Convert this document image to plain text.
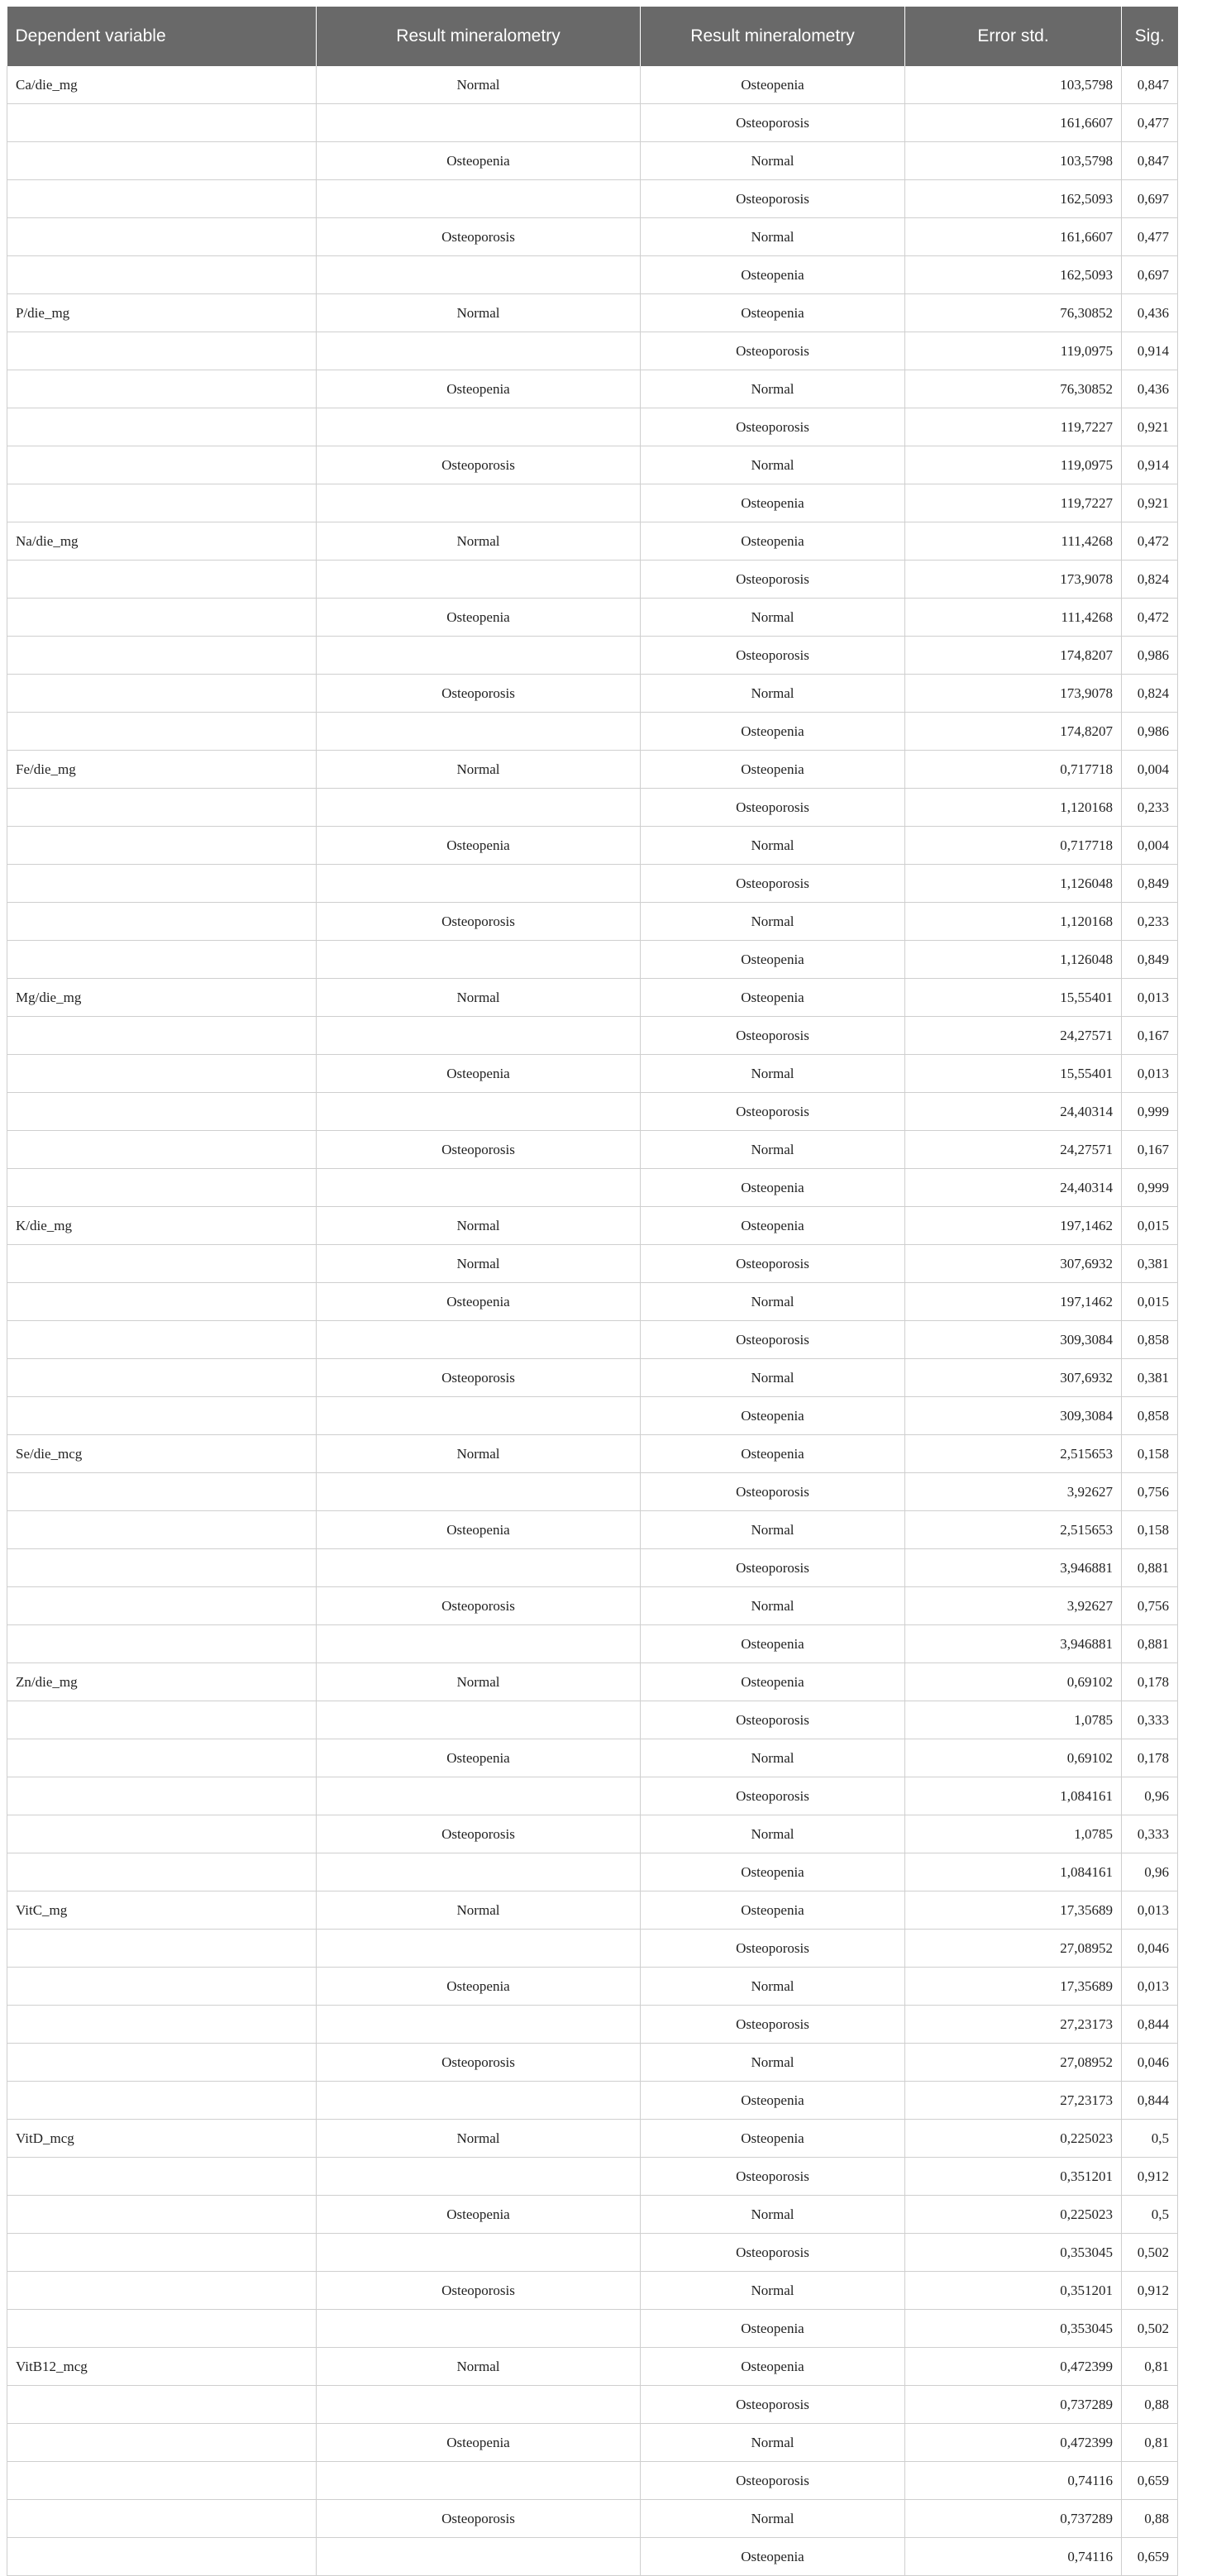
Dependent variable	Result mineralometry	Result mineralometry	Error std.	Sig.
Ca/die_mg	Normal	Osteopenia	103,5798	0,847
		Osteoporosis	161,6607	0,477
	Osteopenia	Normal	103,5798	0,847
		Osteoporosis	162,5093	0,697
	Osteoporosis	Normal	161,6607	0,477
		Osteopenia	162,5093	0,697
P/die_mg	Normal	Osteopenia	76,30852	0,436
		Osteoporosis	119,0975	0,914
	Osteopenia	Normal	76,30852	0,436
		Osteoporosis	119,7227	0,921
	Osteoporosis	Normal	119,0975	0,914
		Osteopenia	119,7227	0,921
Na/die_mg	Normal	Osteopenia	111,4268	0,472
		Osteoporosis	173,9078	0,824
	Osteopenia	Normal	111,4268	0,472
		Osteoporosis	174,8207	0,986
	Osteoporosis	Normal	173,9078	0,824
		Osteopenia	174,8207	0,986
Fe/die_mg	Normal	Osteopenia	0,717718	0,004
		Osteoporosis	1,120168	0,233
	Osteopenia	Normal	0,717718	0,004
		Osteoporosis	1,126048	0,849
	Osteoporosis	Normal	1,120168	0,233
		Osteopenia	1,126048	0,849
Mg/die_mg	Normal	Osteopenia	15,55401	0,013
		Osteoporosis	24,27571	0,167
	Osteopenia	Normal	15,55401	0,013
		Osteoporosis	24,40314	0,999
	Osteoporosis	Normal	24,27571	0,167
		Osteopenia	24,40314	0,999
K/die_mg	Normal	Osteopenia	197,1462	0,015
	Normal	Osteoporosis	307,6932	0,381
	Osteopenia	Normal	197,1462	0,015
		Osteoporosis	309,3084	0,858
	Osteoporosis	Normal	307,6932	0,381
		Osteopenia	309,3084	0,858
Se/die_mcg	Normal	Osteopenia	2,515653	0,158
		Osteoporosis	3,92627	0,756
	Osteopenia	Normal	2,515653	0,158
		Osteoporosis	3,946881	0,881
	Osteoporosis	Normal	3,92627	0,756
		Osteopenia	3,946881	0,881
Zn/die_mg	Normal	Osteopenia	0,69102	0,178
		Osteoporosis	1,0785	0,333
	Osteopenia	Normal	0,69102	0,178
		Osteoporosis	1,084161	0,96
	Osteoporosis	Normal	1,0785	0,333
		Osteopenia	1,084161	0,96
VitC_mg	Normal	Osteopenia	17,35689	0,013
		Osteoporosis	27,08952	0,046
	Osteopenia	Normal	17,35689	0,013
		Osteoporosis	27,23173	0,844
	Osteoporosis	Normal	27,08952	0,046
		Osteopenia	27,23173	0,844
VitD_mcg	Normal	Osteopenia	0,225023	0,5
		Osteoporosis	0,351201	0,912
	Osteopenia	Normal	0,225023	0,5
		Osteoporosis	0,353045	0,502
	Osteoporosis	Normal	0,351201	0,912
		Osteopenia	0,353045	0,502
VitB12_mcg	Normal	Osteopenia	0,472399	0,81
		Osteoporosis	0,737289	0,88
	Osteopenia	Normal	0,472399	0,81
		Osteoporosis	0,74116	0,659
	Osteoporosis	Normal	0,737289	0,88
		Osteopenia	0,74116	0,659
